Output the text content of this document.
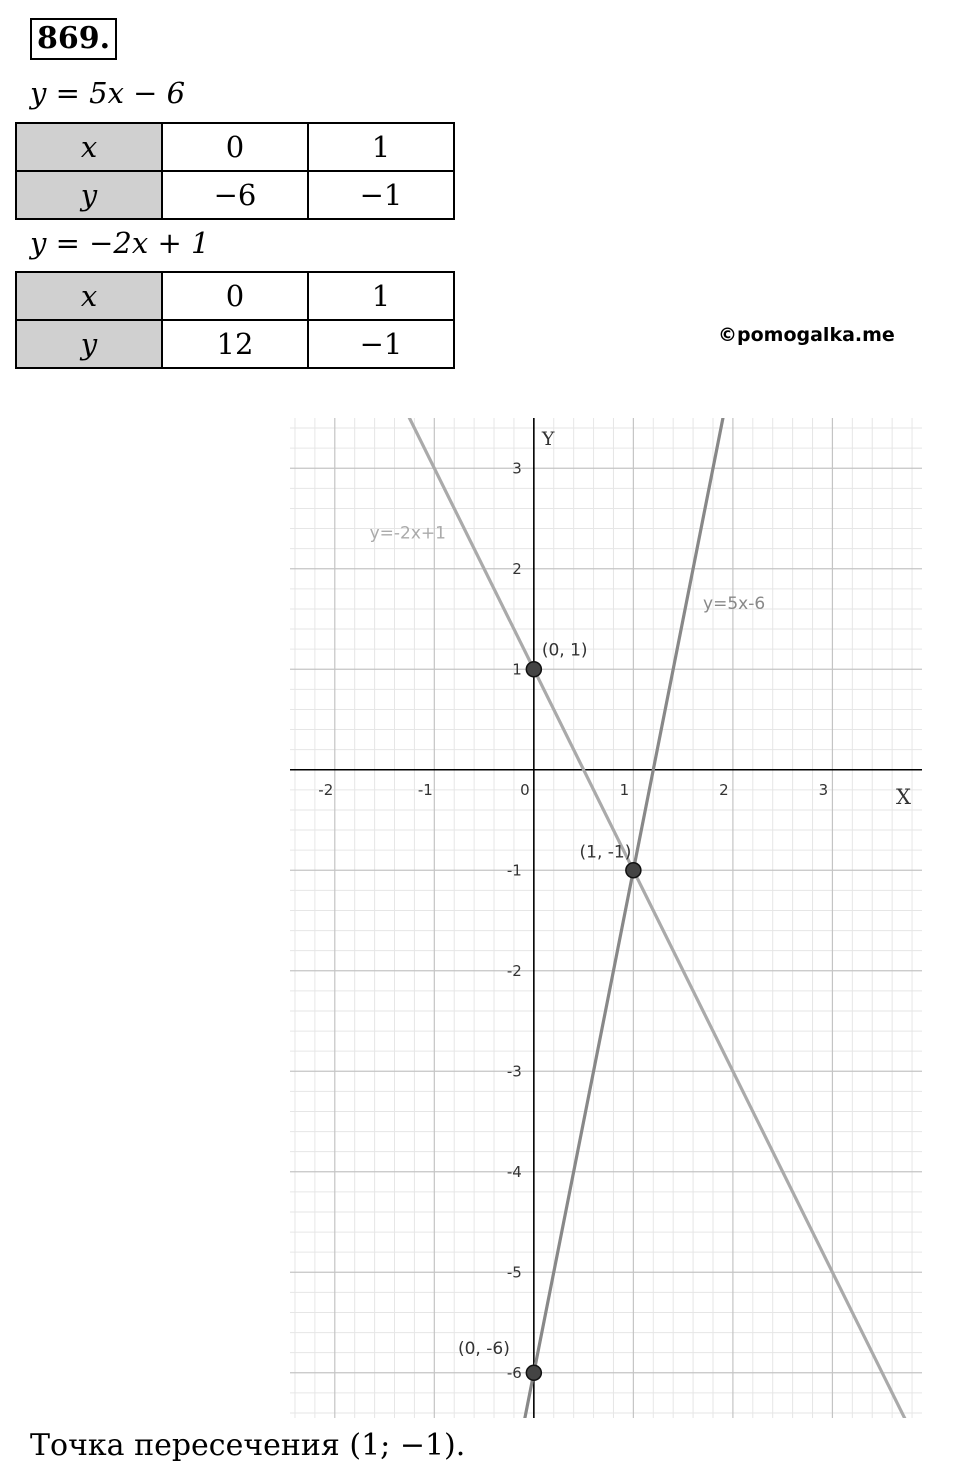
869.
y = 5x − 6
x	0	1
y	−6	−1
y = −2x + 1
x	0	1
y	12	−1	©pomogalka.me
-2	-1	0	1	2	3
-6
-5
-4
-3
-2
-1
1
2
3
Y
X
y=-2x+1
y=5x-6
(0, 1)
(1, -1)
(0, -6)
Точка пересечения (1; −1).
